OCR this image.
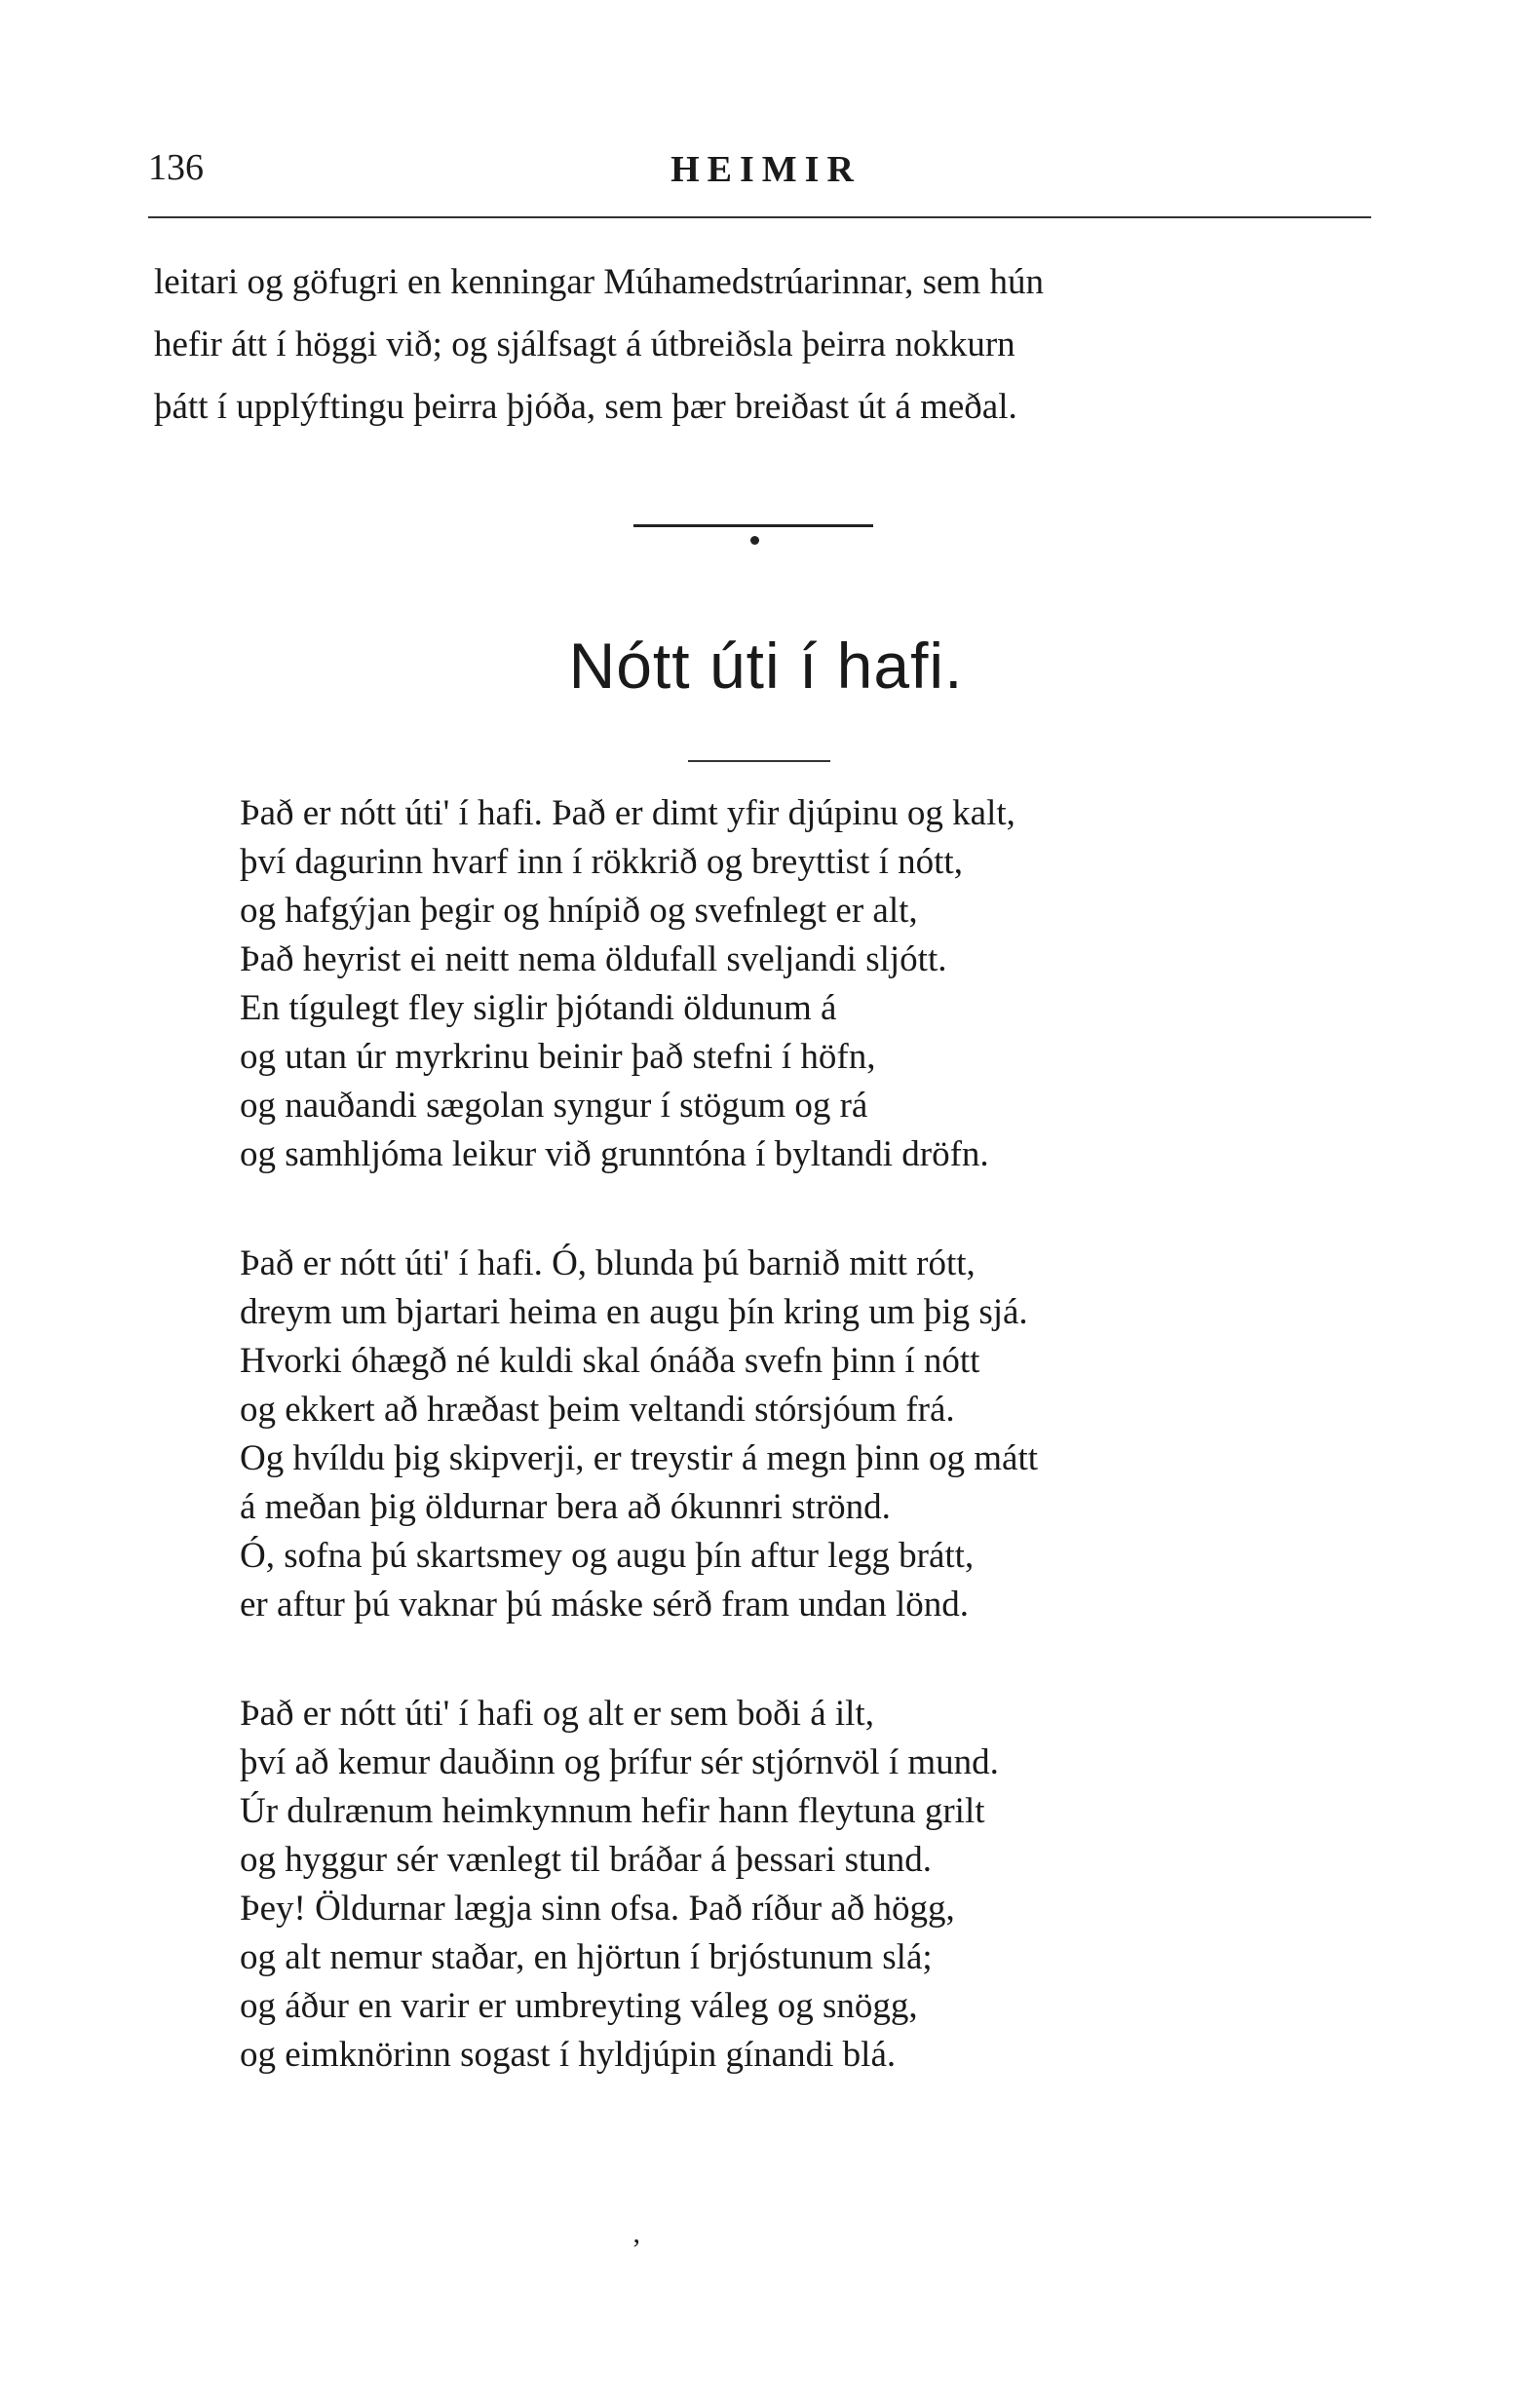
136	HEIMIR

leitari og göfugri en kenningar Múhamedstrúarinnar, sem hún

hefir átt í höggi við; og sjálfsagt á útbreiðsla þeirra nokkurn

þátt í upplýftingu þeirra þjóða, sem þær breiðast út á meðal.

Nótt úti í hafi.
Það er nótt úti' í hafi. Það er dimt yfir djúpinu og kalt,
því dagurinn hvarf inn í rökkrið og breyttist í nótt,
og hafgýjan þegir og hnípið og svefnlegt er alt,
Það heyrist ei neitt nema öldufall sveljandi sljótt.
En tígulegt fley siglir þjótandi öldunum á
og utan úr myrkrinu beinir það stefni í höfn,
og nauðandi sægolan syngur í stögum og rá
og samhljóma leikur við grunntóna í byltandi dröfn.
Það er nótt úti' í hafi. Ó, blunda þú barnið mitt rótt,
dreym um bjartari heima en augu þín kring um þig sjá.
Hvorki óhægð né kuldi skal ónáða svefn þinn í nótt
og ekkert að hræðast þeim veltandi stórsjóum frá.
Og hvíldu þig skipverji, er treystir á megn þinn og mátt
á meðan þig öldurnar bera að ókunnri strönd.
Ó, sofna þú skartsmey og augu þín aftur legg brátt,
er aftur þú vaknar þú máske sérð fram undan lönd.
Það er nótt úti' í hafi og alt er sem boði á ilt,
því að kemur dauðinn og þrífur sér stjórnvöl í mund.
Úr dulrænum heimkynnum hefir hann fleytuna grilt
og hyggur sér vænlegt til bráðar á þessari stund.
Þey! Öldurnar lægja sinn ofsa. Það ríður að högg,
og alt nemur staðar, en hjörtun í brjóstunum slá;
og áður en varir er umbreyting váleg og snögg,
og eimknörinn sogast í hyldjúpin gínandi blá.
ʼ
